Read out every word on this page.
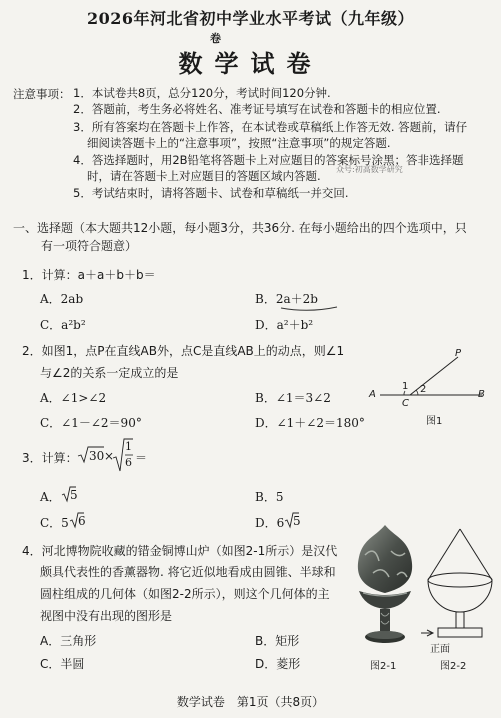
2026年河北省初中学业水平考试（九年级）
数学试卷
卷
注意事项： 1．本试卷共8页，总分120分，考试时间120分钟.
2．答题前，考生务必将姓名、准考证号填写在试卷和答题卡的相应位置.
3．所有答案均在答题卡上作答，在本试卷或草稿纸上作答无效. 答题前，请仔
细阅读答题卡上的“注意事项”，按照“注意事项”的规定答题.
4．答选择题时，用2B铅笔将答题卡上对应题目的答案标号涂黑；答非选择题
众号:初高数学研究
时，请在答题卡上对应题目的答题区域内答题.
5．考试结束时，请将答题卡、试卷和草稿纸一并交回.
一、选择题（本大题共12小题，每小题3分，共36分. 在每小题给出的四个选项中，只
有一项符合题意）
1．计算：a＋a＋b＋b＝
A．2ab	B．2a＋2b
C．a²b²	D．a²＋b²
2．如图1，点P在直线AB外，点C是直线AB上的动点，则∠1
与∠2的关系一定成立的是
A．∠1>∠2	B．∠1＝3∠2
C．∠1－∠2＝90°	D．∠1＋∠2＝180°
P
A	B
C
1 2
图1
3．计算： 30 ×
1
6 ＝
A． 5	B．5
C．5 6	D．6 5
4．河北博物院收藏的错金铜博山炉（如图2-1所示）是汉代
颇具代表性的香薰器物. 将它近似地看成由圆锥、半球和
圆柱组成的几何体（如图2-2所示），则这个几何体的主
视图中没有出现的图形是
A．三角形	B．矩形
C．半圆	D．菱形
正面
图2-1	图2-2
数学试卷　第1页（共8页）
